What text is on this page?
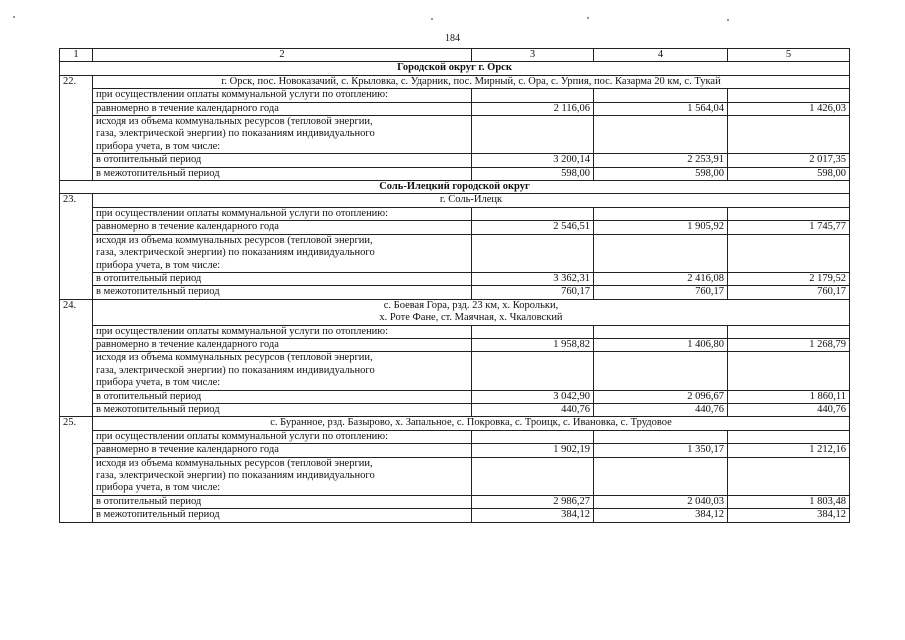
184
1	2	3	4	5
Городской округ г. Орск				
22.	г. Орск, пос. Новоказачий, с. Крыловка, с. Ударник, пос. Мирный, с. Ора, с. Урпия, пос. Казарма 20 км, с. Тукай			
	при осуществлении оплаты коммунальной услуги по отоплению:			
	равномерно в течение календарного года	2 116,06	1 564,04	1 426,03
	исходя из объема коммунальных ресурсов (тепловой энергии,
газа, электрической энергии) по показаниям индивидуального
прибора учета, в том числе:			
	в отопительный период	3 200,14	2 253,91	2 017,35
	в межотопительный период	598,00	598,00	598,00
Соль-Илецкий городской округ				
23.	г. Соль-Илецк			
	при осуществлении оплаты коммунальной услуги по отоплению:			
	равномерно в течение календарного года	2 546,51	1 905,92	1 745,77
	исходя из объема коммунальных ресурсов (тепловой энергии,
газа, электрической энергии) по показаниям индивидуального
прибора учета, в том числе:			
	в отопительный период	3 362,31	2 416,08	2 179,52
	в межотопительный период	760,17	760,17	760,17
24.	с. Боевая Гора, рзд. 23 км, х. Корольки,
х. Роте Фане, ст. Маячная, х. Чкаловский			
	при осуществлении оплаты коммунальной услуги по отоплению:			
	равномерно в течение календарного года	1 958,82	1 406,80	1 268,79
	исходя из объема коммунальных ресурсов (тепловой энергии,
газа, электрической энергии) по показаниям индивидуального
прибора учета, в том числе:			
	в отопительный период	3 042,90	2 096,67	1 860,11
	в межотопительный период	440,76	440,76	440,76
25.	с. Буранное, рзд. Базырово, х. Запальное, с. Покровка, с. Троицк, с. Ивановка, с. Трудовое			
	при осуществлении оплаты коммунальной услуги по отоплению:			
	равномерно в течение календарного года	1 902,19	1 350,17	1 212,16
	исходя из объема коммунальных ресурсов (тепловой энергии,
газа, электрической энергии) по показаниям индивидуального
прибора учета, в том числе:			
	в отопительный период	2 986,27	2 040,03	1 803,48
	в межотопительный период	384,12	384,12	384,12
